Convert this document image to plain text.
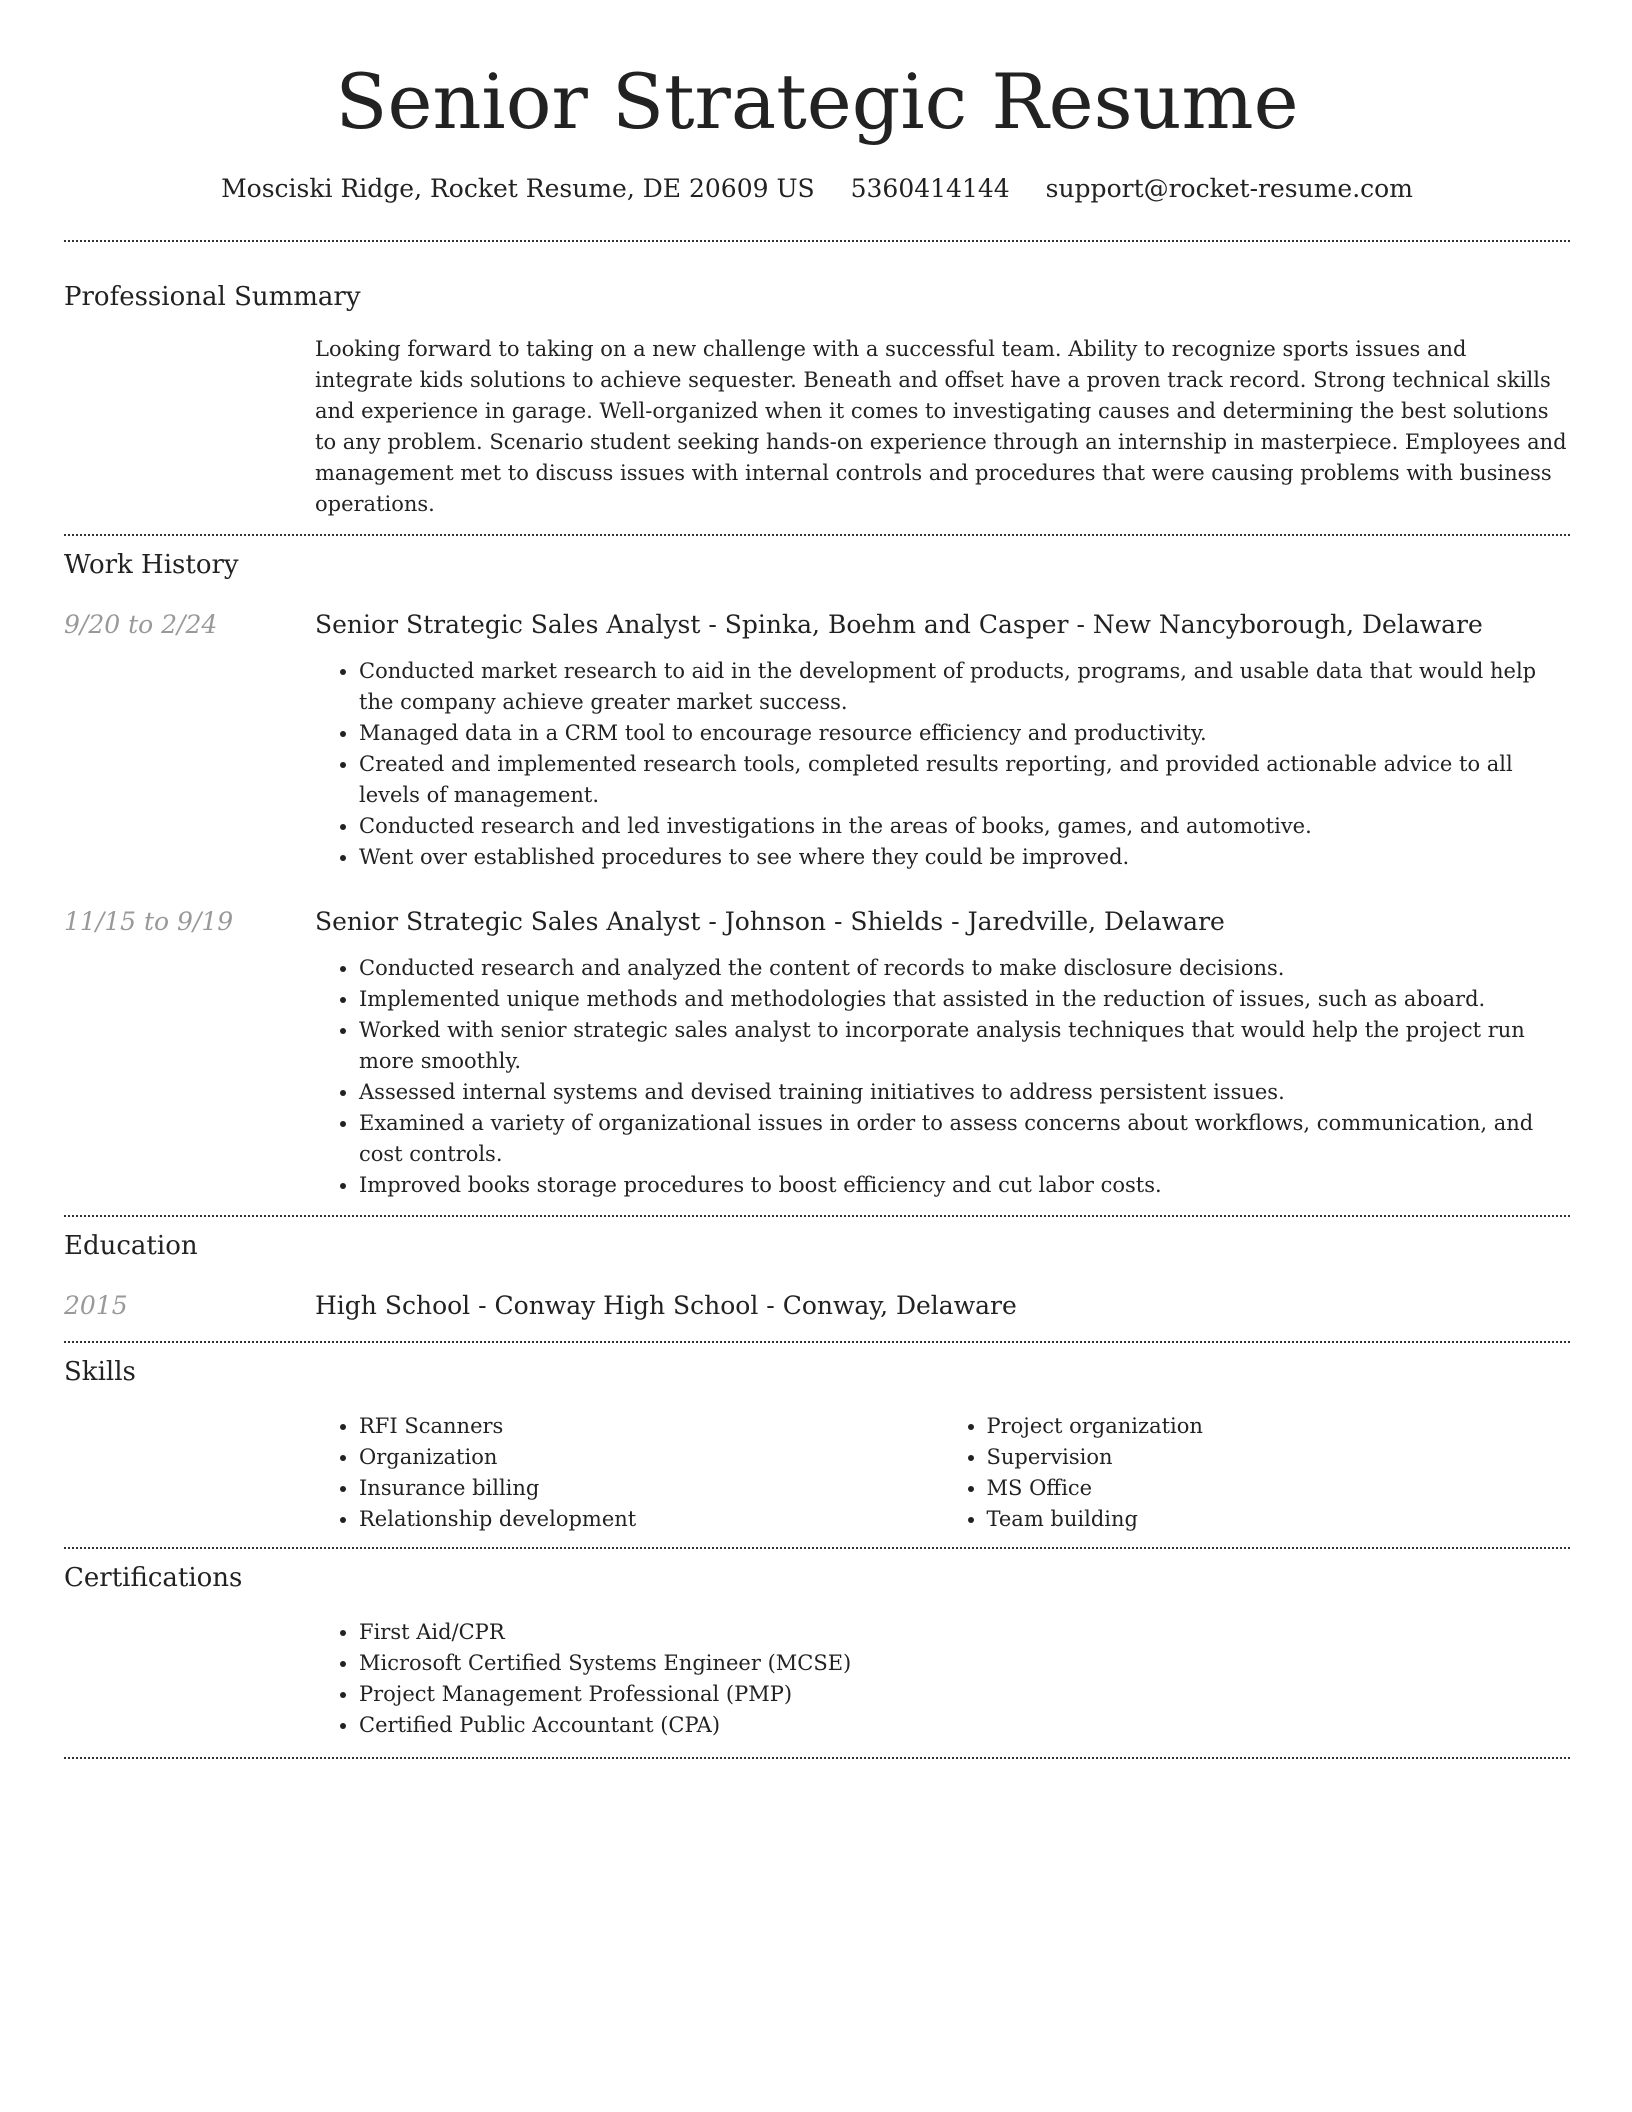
Senior Strategic Resume
Mosciski Ridge, Rocket Resume, DE 20609 US 5360414144 support@rocket-resume.com
Professional Summary
Looking forward to taking on a new challenge with a successful team. Ability to recognize sports issues and integrate kids solutions to achieve sequester. Beneath and offset have a proven track record. Strong technical skills and experience in garage. Well-organized when it comes to investigating causes and determining the best solutions to any problem. Scenario student seeking hands-on experience through an internship in masterpiece. Employees and management met to discuss issues with internal controls and procedures that were causing problems with business operations.
Work History
9/20 to 2/24	Senior Strategic Sales Analyst - Spinka, Boehm and Casper - New Nancyborough, Delaware
• Conducted market research to aid in the development of products, programs, and usable data that would help the company achieve greater market success.
• Managed data in a CRM tool to encourage resource efficiency and productivity.
• Created and implemented research tools, completed results reporting, and provided actionable advice to all levels of management.
• Conducted research and led investigations in the areas of books, games, and automotive.
• Went over established procedures to see where they could be improved.
11/15 to 9/19	Senior Strategic Sales Analyst - Johnson - Shields - Jaredville, Delaware
• Conducted research and analyzed the content of records to make disclosure decisions.
• Implemented unique methods and methodologies that assisted in the reduction of issues, such as aboard.
• Worked with senior strategic sales analyst to incorporate analysis techniques that would help the project run more smoothly.
• Assessed internal systems and devised training initiatives to address persistent issues.
• Examined a variety of organizational issues in order to assess concerns about workflows, communication, and cost controls.
• Improved books storage procedures to boost efficiency and cut labor costs.
Education
2015	High School - Conway High School - Conway, Delaware
Skills
• RFI Scanners
• Organization
• Insurance billing
• Relationship development
• Project organization
• Supervision
• MS Office
• Team building
Certifications
• First Aid/CPR
• Microsoft Certified Systems Engineer (MCSE)
• Project Management Professional (PMP)
• Certified Public Accountant (CPA)
